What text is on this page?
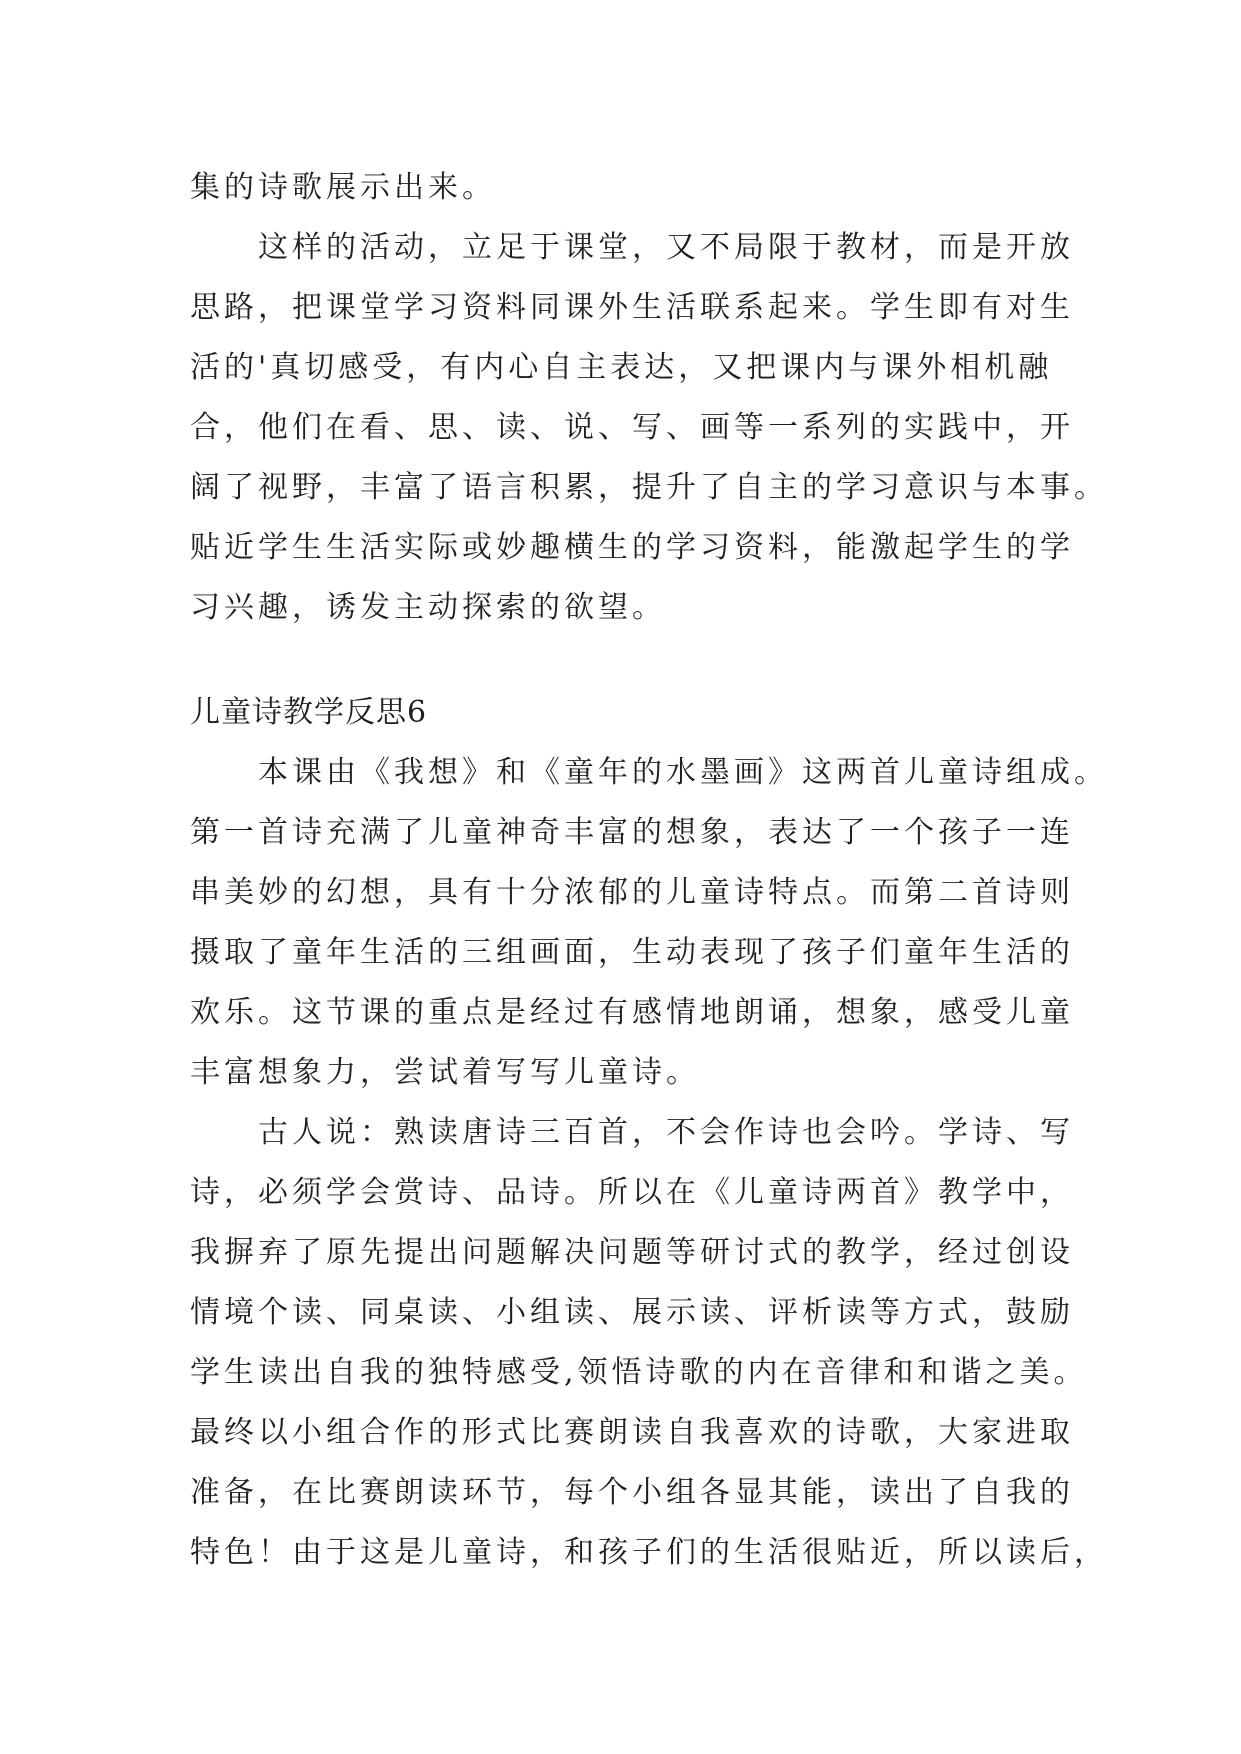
集的诗歌展示出来。
这样的活动，立足于课堂，又不局限于教材，而是开放
思路，把课堂学习资料同课外生活联系起来。学生即有对生
活的'真切感受，有内心自主表达，又把课内与课外相机融
合，他们在看、思、读、说、写、画等一系列的实践中，开
阔了视野，丰富了语言积累，提升了自主的学习意识与本事。
贴近学生生活实际或妙趣横生的学习资料，能激起学生的学
习兴趣，诱发主动探索的欲望。
儿童诗教学反思6
本课由《我想》和《童年的水墨画》这两首儿童诗组成。
第一首诗充满了儿童神奇丰富的想象，表达了一个孩子一连
串美妙的幻想，具有十分浓郁的儿童诗特点。而第二首诗则
摄取了童年生活的三组画面，生动表现了孩子们童年生活的
欢乐。这节课的重点是经过有感情地朗诵，想象，感受儿童
丰富想象力，尝试着写写儿童诗。
古人说：熟读唐诗三百首，不会作诗也会吟。学诗、写
诗，必须学会赏诗、品诗。所以在《儿童诗两首》教学中，
我摒弃了原先提出问题解决问题等研讨式的教学，经过创设
情境个读、同桌读、小组读、展示读、评析读等方式，鼓励
学生读出自我的独特感受,领悟诗歌的内在音律和和谐之美。
最终以小组合作的形式比赛朗读自我喜欢的诗歌，大家进取
准备，在比赛朗读环节，每个小组各显其能，读出了自我的
特色！由于这是儿童诗，和孩子们的生活很贴近，所以读后，
